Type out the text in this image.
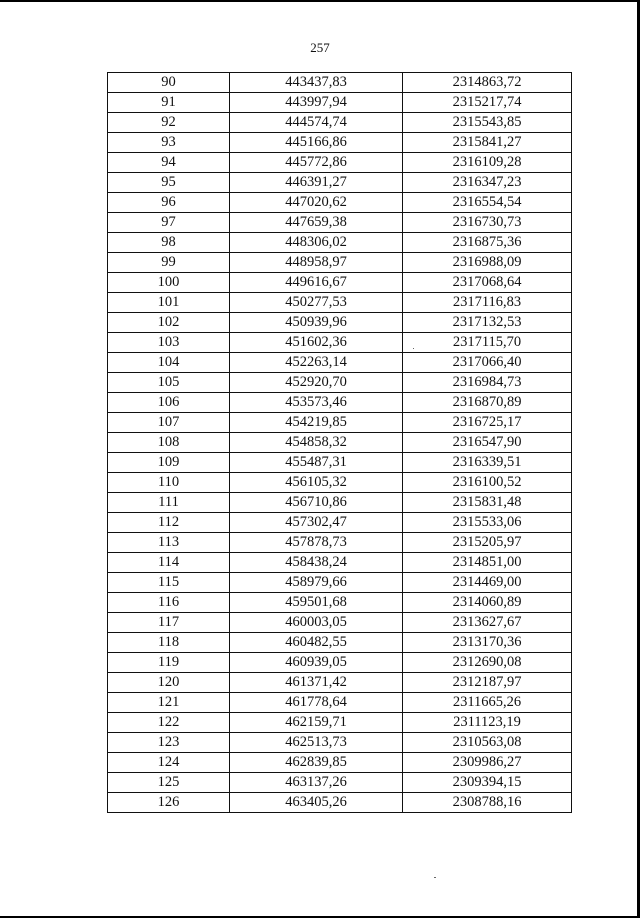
257
90	443437,83	2314863,72
91	443997,94	2315217,74
92	444574,74	2315543,85
93	445166,86	2315841,27
94	445772,86	2316109,28
95	446391,27	2316347,23
96	447020,62	2316554,54
97	447659,38	2316730,73
98	448306,02	2316875,36
99	448958,97	2316988,09
100	449616,67	2317068,64
101	450277,53	2317116,83
102	450939,96	2317132,53
103	451602,36	2317115,70
104	452263,14	2317066,40
105	452920,70	2316984,73
106	453573,46	2316870,89
107	454219,85	2316725,17
108	454858,32	2316547,90
109	455487,31	2316339,51
110	456105,32	2316100,52
111	456710,86	2315831,48
112	457302,47	2315533,06
113	457878,73	2315205,97
114	458438,24	2314851,00
115	458979,66	2314469,00
116	459501,68	2314060,89
117	460003,05	2313627,67
118	460482,55	2313170,36
119	460939,05	2312690,08
120	461371,42	2312187,97
121	461778,64	2311665,26
122	462159,71	2311123,19
123	462513,73	2310563,08
124	462839,85	2309986,27
125	463137,26	2309394,15
126	463405,26	2308788,16
